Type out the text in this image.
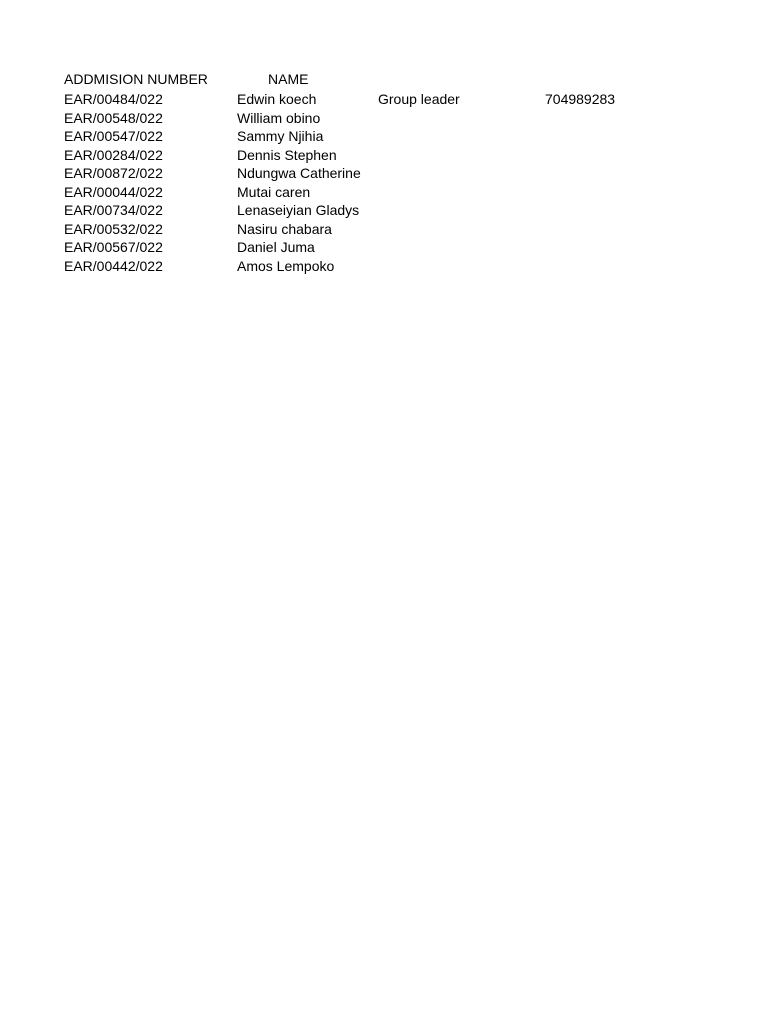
ADDMISION NUMBER	NAME
EAR/00484/022	Edwin koech	Group leader	704989283
EAR/00548/022	William obino
EAR/00547/022	Sammy Njihia
EAR/00284/022	Dennis Stephen
EAR/00872/022	Ndungwa Catherine
EAR/00044/022	Mutai caren
EAR/00734/022	Lenaseiyian Gladys
EAR/00532/022	Nasiru chabara
EAR/00567/022	Daniel Juma
EAR/00442/022	Amos Lempoko
